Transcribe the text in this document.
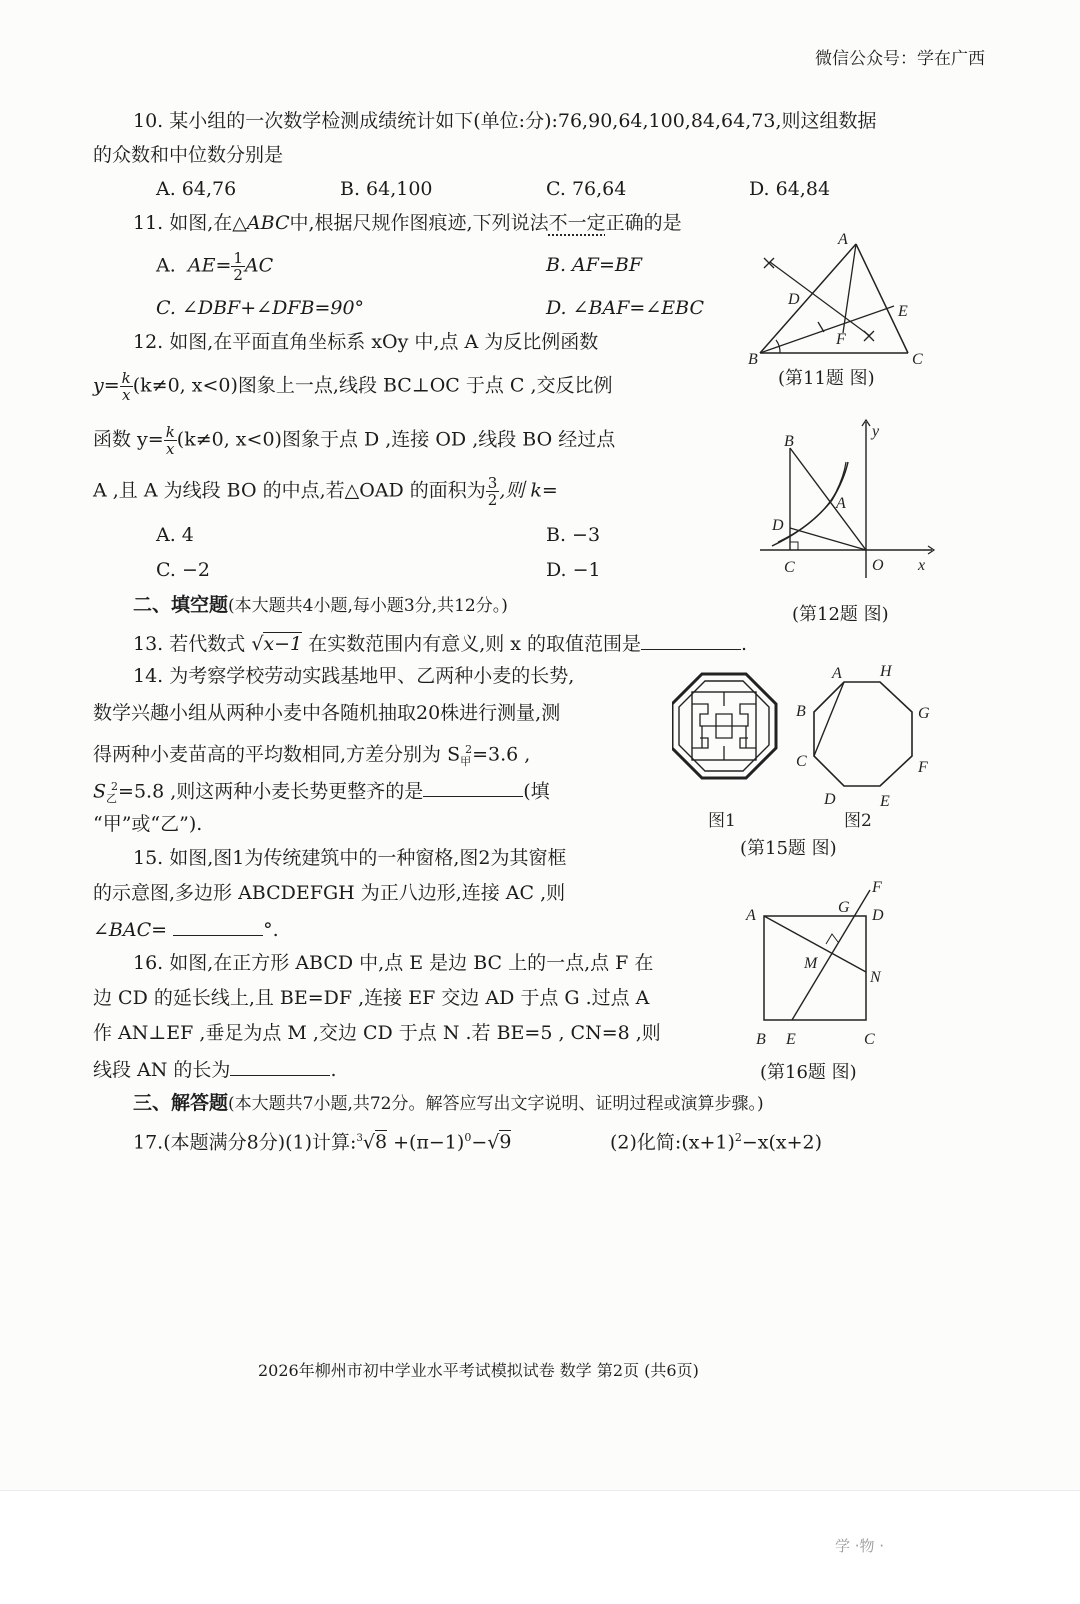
学 ·物 ·
微信公众号：学在广西
10. 某小组的一次数学检测成绩统计如下(单位:分):76,90,64,100,84,64,73,则这组数据
的众数和中位数分别是
A. 64,76	B. 64,100	C. 76,64	D. 64,84
11. 如图,在△ABC中,根据尺规作图痕迹,下列说法不一定正确的是
A. $AE= \frac{1}{2}$ AC	B. AF=BF
C. ∠DBF+∠DFB=90°	D. ∠BAF=∠EBC
A
B	C
D
E
F
(第11题 图)
12. 如图,在平面直角坐标系 xOy 中,点 A 为反比例函数
$y= \frac{k}{x} (k\ne 0$, x<0)图象上一点,线段 BC⊥OC 于点 C ,交反比例
函数 $y= \frac{k}{x} (k\ne 0$, x<0)图象于点 D ,连接 OD ,线段 BO 经过点
A ,且 A 为线段 BO 的中点,若△OAD 的面积为 $\frac{3}{2}$ ,则 k=
A. 4	B. −3
C. −2	D. −1
B
y
A
D
C	O x
(第12题 图)
二、填空题(本大题共4小题,每小题3分,共12分。)
13. 若代数式 √x−1 在实数范围内有意义,则 x 的取值范围是	.
14. 为考察学校劳动实践基地甲、乙两种小麦的长势,
数学兴趣小组从两种小麦中各随机抽取20株进行测量,测
得两种小麦苗高的平均数相同,方差分别为 $S_甲^2=3.6$ ,
$S_乙^2=5.8$ ,则这两种小麦长势更整齐的是	(填
“甲”或“乙”).
A H
B	G
C	F
D	E
图1	图2
(第15题 图)
15. 如图,图1为传统建筑中的一种窗格,图2为其窗框
的示意图,多边形 ABCDEFGH 为正八边形,连接 AC ,则
∠BAC=	°.
F
G
A	D
M
N
B E	C
(第16题 图)
16. 如图,在正方形 ABCD 中,点 E 是边 BC 上的一点,点 F 在
边 CD 的延长线上,且 BE=DF ,连接 EF 交边 AD 于点 G .过点 A
作 AN⊥EF ,垂足为点 M ,交边 CD 于点 N .若 BE=5 , CN=8 ,则
线段 AN 的长为	.
三、解答题(本大题共7小题,共72分。解答应写出文字说明、证明过程或演算步骤。)
17.(本题满分8分)(1)计算:$^3$√8 $+(\pi-1)^0-√9$	(2)化简$:(x+1)^2-x(x+2)$
2026年柳州市初中学业水平考试模拟试卷 数学 第2页 (共6页)
